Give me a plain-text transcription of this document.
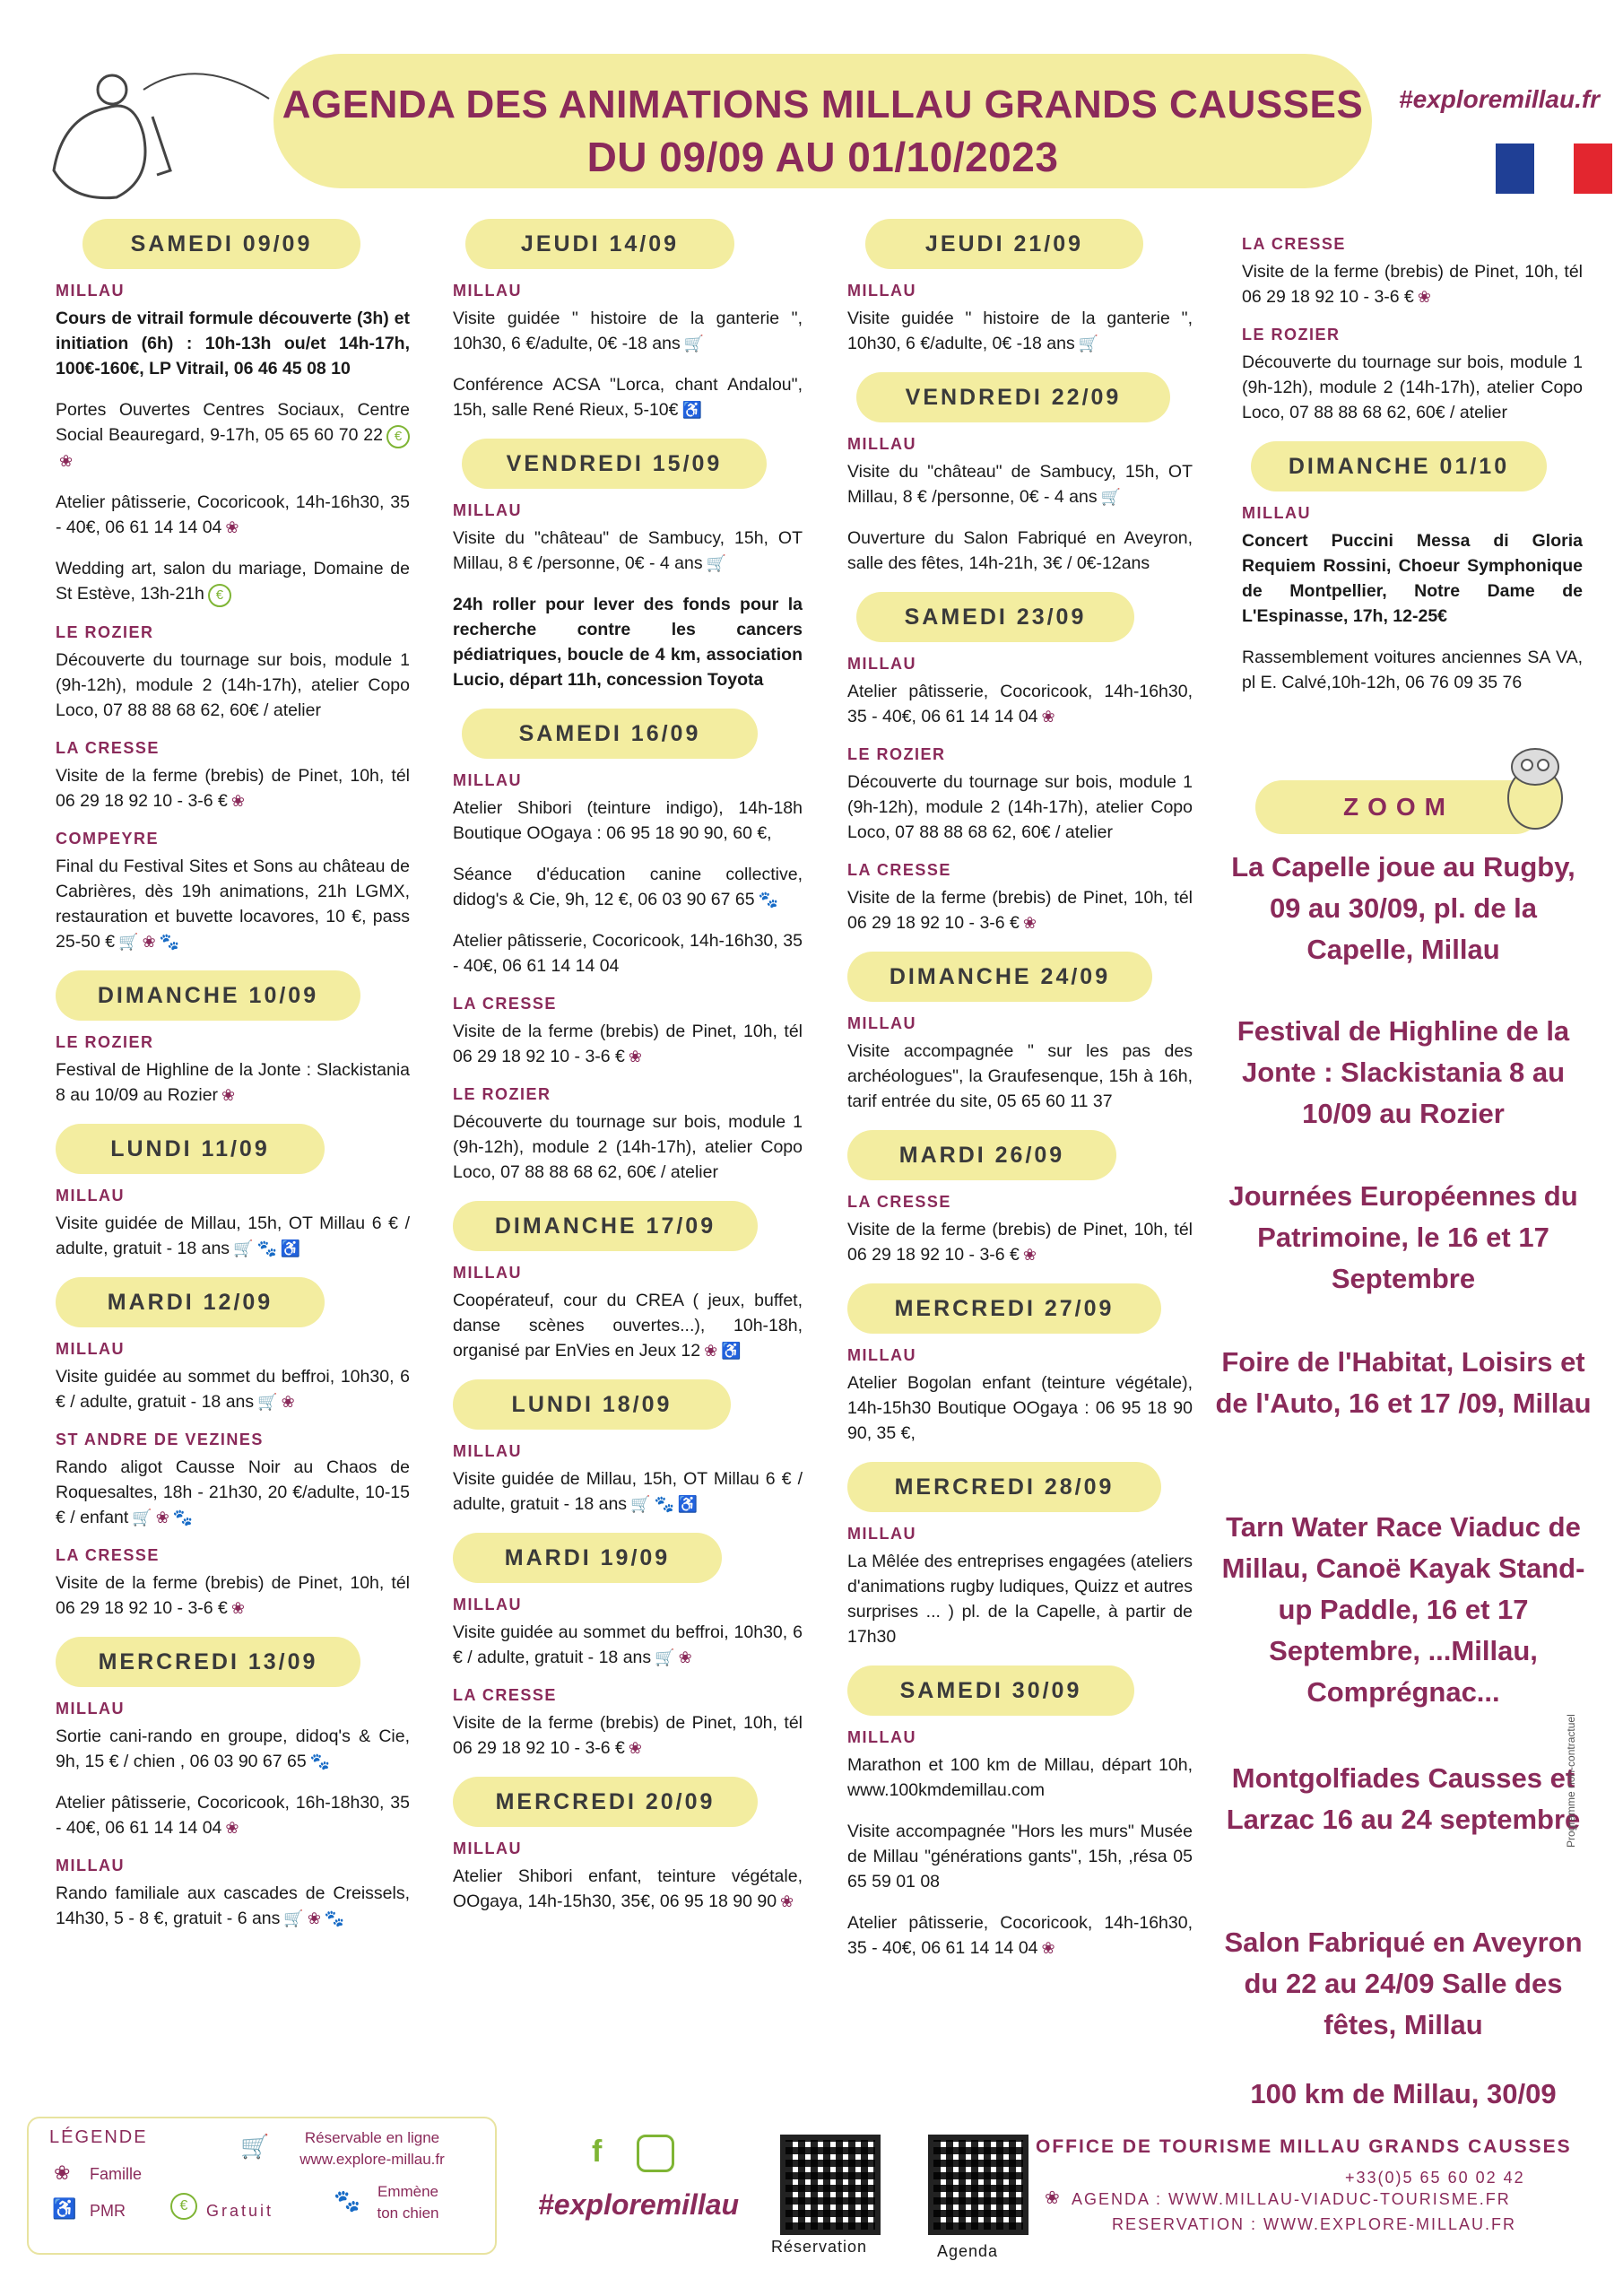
AGENDA DES ANIMATIONS MILLAU GRANDS CAUSSES
DU 09/09 AU 01/10/2023
#exploremillau.fr
SAMEDI 09/09
MILLAU
Cours de vitrail formule découverte (3h) et initiation (6h) : 10h-13h ou/et 14h-17h, 100€-160€, LP Vitrail, 06 46 45 08 10
Portes Ouvertes Centres Sociaux, Centre Social Beauregard, 9-17h, 05 65 60 70 22 € ❀
Atelier pâtisserie, Cocoricook, 14h-16h30, 35 - 40€, 06 61 14 14 04 ❀
Wedding art, salon du mariage, Domaine de St Estève, 13h-21h €
LE ROZIER
Découverte du tournage sur bois, module 1 (9h-12h), module 2 (14h-17h), atelier Copo Loco, 07 88 88 68 62, 60€ / atelier
LA CRESSE
Visite de la ferme (brebis) de Pinet, 10h, tél 06 29 18 92 10 - 3-6 € ❀
COMPEYRE
Final du Festival Sites et Sons au château de Cabrières, dès 19h animations, 21h LGMX, restauration et buvette locavores, 10 €, pass 25-50 € 🛒 ❀ 🐾
DIMANCHE 10/09
LE ROZIER
Festival de Highline de la Jonte : Slackistania 8 au 10/09 au Rozier ❀
LUNDI 11/09
MILLAU
Visite guidée de Millau, 15h, OT Millau 6 € / adulte, gratuit - 18 ans 🛒 🐾 ♿
MARDI 12/09
MILLAU
Visite guidée au sommet du beffroi, 10h30, 6 € / adulte, gratuit - 18 ans 🛒 ❀
ST ANDRE DE VEZINES
Rando aligot Causse Noir au Chaos de Roquesaltes, 18h - 21h30, 20 €/adulte, 10-15 € / enfant 🛒 ❀ 🐾
LA CRESSE
Visite de la ferme (brebis) de Pinet, 10h, tél 06 29 18 92 10 - 3-6 € ❀
MERCREDI 13/09
MILLAU
Sortie cani-rando en groupe, didoq's & Cie, 9h, 15 € / chien , 06 03 90 67 65 🐾
Atelier pâtisserie, Cocoricook, 16h-18h30, 35 - 40€, 06 61 14 14 04 ❀
MILLAU
Rando familiale aux cascades de Creissels, 14h30, 5 - 8 €, gratuit - 6 ans 🛒 ❀ 🐾
JEUDI 14/09
MILLAU
Visite guidée " histoire de la ganterie ", 10h30, 6 €/adulte, 0€ -18 ans 🛒
Conférence ACSA "Lorca, chant Andalou", 15h, salle René Rieux, 5-10€ ♿
VENDREDI 15/09
MILLAU
Visite du "château" de Sambucy, 15h, OT Millau, 8 € /personne, 0€ - 4 ans 🛒
24h roller pour lever des fonds pour la recherche contre les cancers pédiatriques, boucle de 4 km, association Lucio, départ 11h, concession Toyota
SAMEDI 16/09
MILLAU
Atelier Shibori (teinture indigo), 14h-18h Boutique OOgaya : 06 95 18 90 90, 60 €,
Séance d'éducation canine collective, didog's & Cie, 9h, 12 €, 06 03 90 67 65 🐾
Atelier pâtisserie, Cocoricook, 14h-16h30, 35 - 40€, 06 61 14 14 04
LA CRESSE
Visite de la ferme (brebis) de Pinet, 10h, tél 06 29 18 92 10 - 3-6 € ❀
LE ROZIER
Découverte du tournage sur bois, module 1 (9h-12h), module 2 (14h-17h), atelier Copo Loco, 07 88 88 68 62, 60€ / atelier
DIMANCHE 17/09
MILLAU
Coopérateuf, cour du CREA ( jeux, buffet, danse scènes ouvertes...), 10h-18h, organisé par EnVies en Jeux 12 ❀ ♿
LUNDI 18/09
MILLAU
Visite guidée de Millau, 15h, OT Millau 6 € / adulte, gratuit - 18 ans 🛒 🐾 ♿
MARDI 19/09
MILLAU
Visite guidée au sommet du beffroi, 10h30, 6 € / adulte, gratuit - 18 ans 🛒 ❀
LA CRESSE
Visite de la ferme (brebis) de Pinet, 10h, tél 06 29 18 92 10 - 3-6 € ❀
MERCREDI 20/09
MILLAU
Atelier Shibori enfant, teinture végétale, OOgaya, 14h-15h30, 35€, 06 95 18 90 90 ❀
JEUDI 21/09
MILLAU
Visite guidée " histoire de la ganterie ", 10h30, 6 €/adulte, 0€ -18 ans 🛒
VENDREDI 22/09
MILLAU
Visite du "château" de Sambucy, 15h, OT Millau, 8 € /personne, 0€ - 4 ans 🛒
Ouverture du Salon Fabriqué en Aveyron, salle des fêtes, 14h-21h, 3€ / 0€-12ans
SAMEDI 23/09
MILLAU
Atelier pâtisserie, Cocoricook, 14h-16h30, 35 - 40€, 06 61 14 14 04 ❀
LE ROZIER
Découverte du tournage sur bois, module 1 (9h-12h), module 2 (14h-17h), atelier Copo Loco, 07 88 88 68 62, 60€ / atelier
LA CRESSE
Visite de la ferme (brebis) de Pinet, 10h, tél 06 29 18 92 10 - 3-6 € ❀
DIMANCHE 24/09
MILLAU
Visite accompagnée " sur les pas des archéologues", la Graufesenque, 15h à 16h, tarif entrée du site, 05 65 60 11 37
MARDI 26/09
LA CRESSE
Visite de la ferme (brebis) de Pinet, 10h, tél 06 29 18 92 10 - 3-6 € ❀
MERCREDI 27/09
MILLAU
Atelier Bogolan enfant (teinture végétale), 14h-15h30 Boutique OOgaya : 06 95 18 90 90, 35 €,
MERCREDI 28/09
MILLAU
La Mêlée des entreprises engagées (ateliers d'animations rugby ludiques, Quizz et autres surprises ... ) pl. de la Capelle, à partir de 17h30
SAMEDI 30/09
MILLAU
Marathon et 100 km de Millau, départ 10h, www.100kmdemillau.com
Visite accompagnée "Hors les murs" Musée de Millau "générations gants", 15h, ,résa 05 65 59 01 08
Atelier pâtisserie, Cocoricook, 14h-16h30, 35 - 40€, 06 61 14 14 04 ❀
LA CRESSE
Visite de la ferme (brebis) de Pinet, 10h, tél 06 29 18 92 10 - 3-6 € ❀
LE ROZIER
Découverte du tournage sur bois, module 1 (9h-12h), module 2 (14h-17h), atelier Copo Loco, 07 88 88 68 62, 60€ / atelier
DIMANCHE 01/10
MILLAU
Concert Puccini Messa di Gloria Requiem Rossini, Choeur Symphonique de Montpellier, Notre Dame de L'Espinasse, 17h, 12-25€
Rassemblement voitures anciennes SA VA, pl E. Calvé,10h-12h, 06 76 09 35 76
ZOOM
La Capelle joue au Rugby, 09 au 30/09, pl. de la Capelle, Millau
Festival de Highline de la Jonte : Slackistania 8 au 10/09 au Rozier
Journées Européennes du Patrimoine, le 16 et 17 Septembre
Foire de l'Habitat, Loisirs et de l'Auto, 16 et 17 /09, Millau
Tarn Water Race Viaduc de Millau, Canoë Kayak Stand-up Paddle, 16 et 17 Septembre, ...Millau, Comprégnac...
Montgolfiades Causses et Larzac 16 au 24 septembre
Salon Fabriqué en Aveyron du 22 au 24/09 Salle des fêtes, Millau
100 km de Millau, 30/09
Programme non-contractuel
LÉGENDE
❀ Famille
♿ PMR	€	Gratuit
🛒	Réservable en ligne www.explore-millau.fr
🐾	Emmène ton chien
f
#exploremillau
Réservation	Agenda
OFFICE DE TOURISME MILLAU GRANDS CAUSSES
+33(0)5 65 60 02 42
❀ AGENDA : WWW.MILLAU-VIADUC-TOURISME.FR
RESERVATION : WWW.EXPLORE-MILLAU.FR
